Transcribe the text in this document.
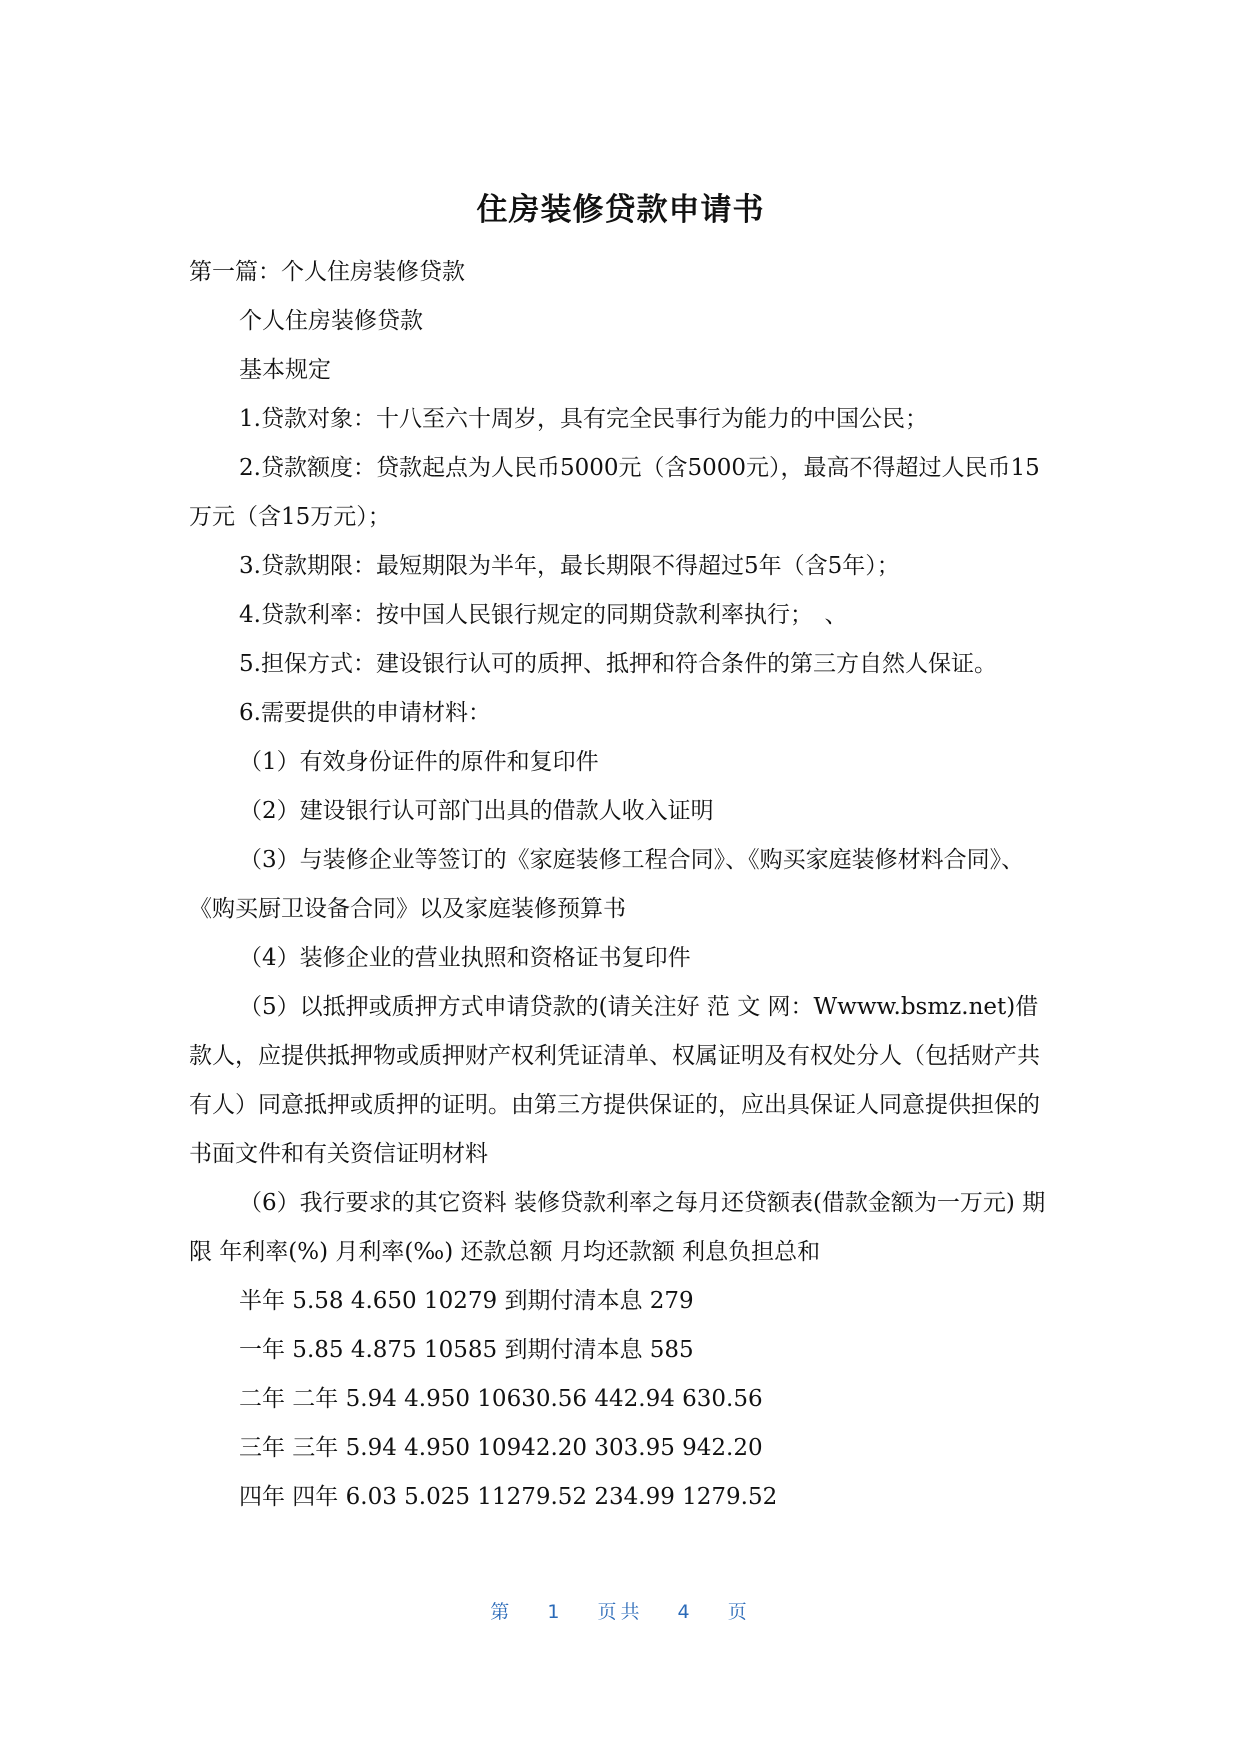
住房装修贷款申请书

第一篇：个人住房装修贷款

个人住房装修贷款

基本规定

1.贷款对象：十八至六十周岁，具有完全民事行为能力的中国公民；

2.贷款额度：贷款起点为人民币5000元（含5000元），最高不得超过人民币15万元（含15万元）；

3.贷款期限：最短期限为半年，最长期限不得超过5年（含5年）；

4.贷款利率：按中国人民银行规定的同期贷款利率执行；　、

5.担保方式：建设银行认可的质押、抵押和符合条件的第三方自然人保证。

6.需要提供的申请材料：

（1）有效身份证件的原件和复印件

（2）建设银行认可部门出具的借款人收入证明

（3）与装修企业等签订的《家庭装修工程合同》、《购买家庭装修材料合同》、《购买厨卫设备合同》以及家庭装修预算书

（4）装修企业的营业执照和资格证书复印件

（5）以抵押或质押方式申请贷款的(请关注好 范 文 网：Wwww.bsmz.net)借款人，应提供抵押物或质押财产权利凭证清单、权属证明及有权处分人（包括财产共有人）同意抵押或质押的证明。由第三方提供保证的，应出具保证人同意提供担保的书面文件和有关资信证明材料

（6）我行要求的其它资料 装修贷款利率之每月还贷额表(借款金额为一万元) 期限 年利率(%) 月利率(‰) 还款总额 月均还款额 利息负担总和

半年 5.58 4.650 10279 到期付清本息 279

一年 5.85 4.875 10585 到期付清本息 585

二年 二年 5.94 4.950 10630.56 442.94 630.56

三年 三年 5.94 4.950 10942.20 303.95 942.20

四年 四年 6.03 5.025 11279.52 234.99 1279.52

第 1 页共 4 页
